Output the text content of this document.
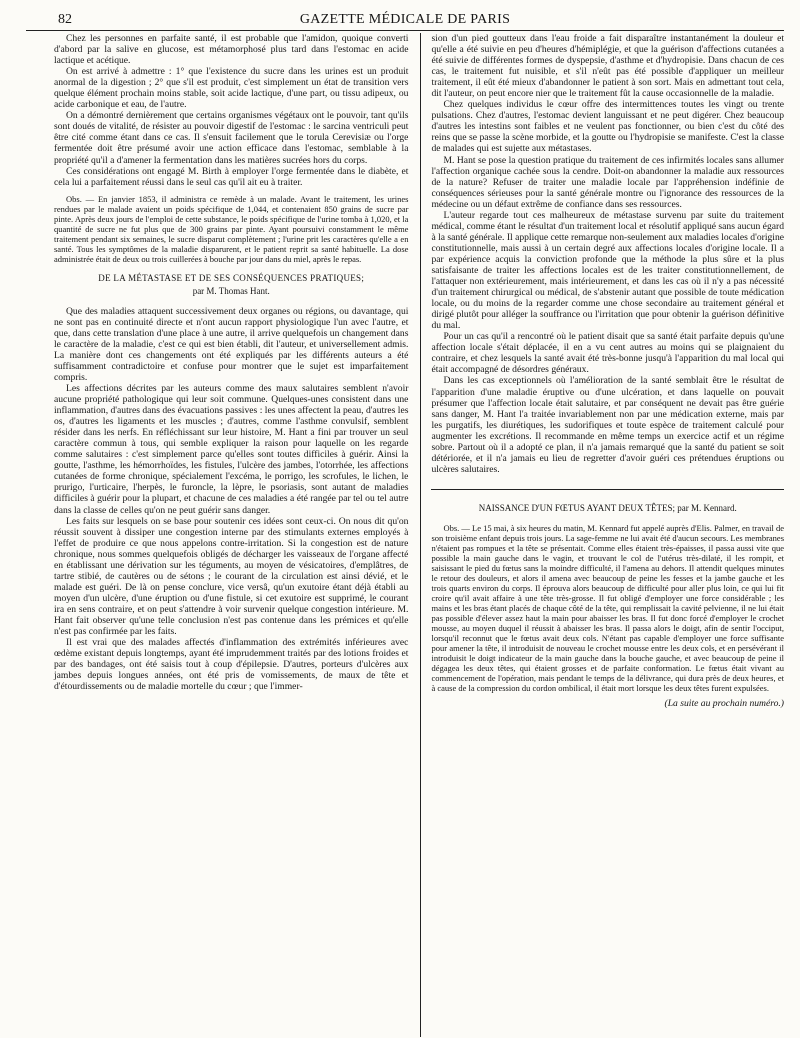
82	GAZETTE MÉDICALE DE PARIS

Chez les personnes en parfaite santé, il est probable que l'amidon, quoique converti d'abord par la salive en glucose, est métamorphosé plus tard dans l'estomac en acide lactique et acétique.

On est arrivé à admettre : 1° que l'existence du sucre dans les urines est un produit anormal de la digestion ; 2° que s'il est produit, c'est simplement un état de transition vers quelque élément prochain moins stable, soit acide lactique, d'une part, ou tissu adipeux, ou acide carbonique et eau, de l'autre.

On a démontré dernièrement que certains organismes végétaux ont le pouvoir, tant qu'ils sont doués de vitalité, de résister au pouvoir digestif de l'estomac : le sarcina ventriculi peut être cité comme étant dans ce cas. Il s'ensuit facilement que le torula Cerevisiæ ou l'orge fermentée doit être présumé avoir une action efficace dans l'estomac, semblable à la propriété qu'il a d'amener la fermentation dans les matières sucrées hors du corps.

Ces considérations ont engagé M. Birth à employer l'orge fermentée dans le diabète, et cela lui a parfaitement réussi dans le seul cas qu'il ait eu à traiter.

Obs. — En janvier 1853, il administra ce remède à un malade. Avant le traitement, les urines rendues par le malade avaient un poids spécifique de 1,044, et contenaient 850 grains de sucre par pinte. Après deux jours de l'emploi de cette substance, le poids spécifique de l'urine tomba à 1,020, et la quantité de sucre ne fut plus que de 300 grains par pinte. Ayant poursuivi constamment le même traitement pendant six semaines, le sucre disparut complètement ; l'urine prit les caractères qu'elle a en santé. Tous les symptômes de la maladie disparurent, et le patient reprit sa santé habituelle. La dose administrée était de deux ou trois cuillerées à bouche par jour dans du miel, après le repas.

DE LA MÉTASTASE ET DE SES CONSÉQUENCES PRATIQUES;
par M. Thomas Hant.

Que des maladies attaquent successivement deux organes ou régions, ou davantage, qui ne sont pas en continuité directe et n'ont aucun rapport physiologique l'un avec l'autre, et que, dans cette translation d'une place à une autre, il arrive quelquefois un changement dans le caractère de la maladie, c'est ce qui est bien établi, dit l'auteur, et universellement admis. La manière dont ces changements ont été expliqués par les différents auteurs a été suffisamment contradictoire et confuse pour montrer que le sujet est imparfaitement compris.

Les affections décrites par les auteurs comme des maux salutaires semblent n'avoir aucune propriété pathologique qui leur soit commune. Quelques-unes consistent dans une inflammation, d'autres dans des évacuations passives : les unes affectent la peau, d'autres les os, d'autres les ligaments et les muscles ; d'autres, comme l'asthme convulsif, semblent résider dans les nerfs. En réfléchissant sur leur histoire, M. Hant a fini par trouver un seul caractère commun à tous, qui semble expliquer la raison pour laquelle on les regarde comme salutaires : c'est simplement parce qu'elles sont toutes difficiles à guérir. Ainsi la goutte, l'asthme, les hémorrhoïdes, les fistules, l'ulcère des jambes, l'otorrhée, les affections cutanées de forme chronique, spécialement l'excéma, le porrigo, les scrofules, le lichen, le prurigo, l'urticaire, l'herpès, le furoncle, la lèpre, le psoriasis, sont autant de maladies difficiles à guérir pour la plupart, et chacune de ces maladies a été rangée par tel ou tel autre dans la classe de celles qu'on ne peut guérir sans danger.

Les faits sur lesquels on se base pour soutenir ces idées sont ceux-ci. On nous dit qu'on réussit souvent à dissiper une congestion interne par des stimulants externes employés à l'effet de produire ce que nous appelons contre-irritation. Si la congestion est de nature chronique, nous sommes quelquefois obligés de décharger les vaisseaux de l'organe affecté en établissant une dérivation sur les téguments, au moyen de vésicatoires, d'emplâtres, de tartre stibié, de cautères ou de sétons ; le courant de la circulation est ainsi dévié, et le malade est guéri. De là on pense conclure, vice versâ, qu'un exutoire étant déjà établi au moyen d'un ulcère, d'une éruption ou d'une fistule, si cet exutoire est supprimé, le courant ira en sens contraire, et on peut s'attendre à voir survenir quelque congestion intérieure. M. Hant fait observer qu'une telle conclusion n'est pas contenue dans les prémices et qu'elle n'est pas confirmée par les faits.

Il est vrai que des malades affectés d'inflammation des extrémités inférieures avec œdème existant depuis longtemps, ayant été imprudemment traités par des lotions froides et par des bandages, ont été saisis tout à coup d'épilepsie. D'autres, porteurs d'ulcères aux jambes depuis longues années, ont été pris de vomissements, de maux de tête et d'étourdissements ou de maladie mortelle du cœur ; que l'immer-

sion d'un pied goutteux dans l'eau froide a fait disparaître instantanément la douleur et qu'elle a été suivie en peu d'heures d'hémiplégie, et que la guérison d'affections cutanées a été suivie de différentes formes de dyspepsie, d'asthme et d'hydropisie. Dans chacun de ces cas, le traitement fut nuisible, et s'il n'eût pas été possible d'appliquer un meilleur traitement, il eût été mieux d'abandonner le patient à son sort. Mais en admettant tout cela, dit l'auteur, on peut encore nier que le traitement fût la cause occasionnelle de la maladie.

Chez quelques individus le cœur offre des intermittences toutes les vingt ou trente pulsations. Chez d'autres, l'estomac devient languissant et ne peut digérer. Chez beaucoup d'autres les intestins sont faibles et ne veulent pas fonctionner, ou bien c'est du côté des reins que se passe la scène morbide, et la goutte ou l'hydropisie se manifeste. C'est la classe de malades qui est sujette aux métastases.

M. Hant se pose la question pratique du traitement de ces infirmités locales sans allumer l'affection organique cachée sous la cendre. Doit-on abandonner la maladie aux ressources de la nature? Refuser de traiter une maladie locale par l'appréhension indéfinie de conséquences sérieuses pour la santé générale montre ou l'ignorance des ressources de la médecine ou un défaut extrême de confiance dans ses ressources.

L'auteur regarde tout ces malheureux de métastase survenu par suite du traitement médical, comme étant le résultat d'un traitement local et résolutif appliqué sans aucun égard à la santé générale. Il applique cette remarque non-seulement aux maladies locales d'origine constitutionnelle, mais aussi à un certain degré aux affections locales d'origine locale. Il a par expérience acquis la conviction profonde que la méthode la plus sûre et la plus satisfaisante de traiter les affections locales est de les traiter constitutionnellement, de l'attaquer non extérieurement, mais intérieurement, et dans les cas où il n'y a pas nécessité d'un traitement chirurgical ou médical, de s'abstenir autant que possible de toute médication locale, ou du moins de la regarder comme une chose secondaire au traitement général et dirigé plutôt pour alléger la souffrance ou l'irritation que pour obtenir la guérison définitive du mal.

Pour un cas qu'il a rencontré où le patient disait que sa santé était parfaite depuis qu'une affection locale s'était déplacée, il en a vu cent autres au moins qui se plaignaient du contraire, et chez lesquels la santé avait été très-bonne jusqu'à l'apparition du mal local qui était accompagné de désordres généraux.

Dans les cas exceptionnels où l'amélioration de la santé semblait être le résultat de l'apparition d'une maladie éruptive ou d'une ulcération, et dans laquelle on pouvait présumer que l'affection locale était salutaire, et par conséquent ne devait pas être guérie sans danger, M. Hant l'a traitée invariablement non par une médication externe, mais par les purgatifs, les diurétiques, les sudorifiques et toute espèce de traitement calculé pour augmenter les excrétions. Il recommande en même temps un exercice actif et un régime sobre. Partout où il a adopté ce plan, il n'a jamais remarqué que la santé du patient se soit détériorée, et il n'a jamais eu lieu de regretter d'avoir guéri ces prétendues éruptions ou ulcères salutaires.

NAISSANCE D'UN FŒTUS AYANT DEUX TÊTES; par M. Kennard.

Obs. — Le 15 mai, à six heures du matin, M. Kennard fut appelé auprès d'Elis. Palmer, en travail de son troisième enfant depuis trois jours. La sage-femme ne lui avait été d'aucun secours. Les membranes n'étaient pas rompues et la tête se présentait. Comme elles étaient très-épaisses, il passa aussi vite que possible la main gauche dans le vagin, et trouvant le col de l'utérus très-dilaté, il les rompit, et saisissant le pied du fœtus sans la moindre difficulté, il l'amena au dehors. Il attendit quelques minutes le retour des douleurs, et alors il amena avec beaucoup de peine les fesses et la jambe gauche et les trois quarts environ du corps. Il éprouva alors beaucoup de difficulté pour aller plus loin, ce qui lui fit croire qu'il avait affaire à une tête très-grosse. Il fut obligé d'employer une force considérable ; les mains et les bras étant placés de chaque côté de la tête, qui remplissait la cavité pelvienne, il ne lui était pas possible d'élever assez haut la main pour abaisser les bras. Il fut donc forcé d'employer le crochet mousse, au moyen duquel il réussit à abaisser les bras. Il passa alors le doigt, afin de sentir l'occiput, lorsqu'il reconnut que le fœtus avait deux cols. N'étant pas capable d'employer une force suffisante pour amener la tête, il introduisit de nouveau le crochet mousse entre les deux cols, et en persévérant il introduisit le doigt indicateur de la main gauche dans la bouche gauche, et avec beaucoup de peine il dégagea les deux têtes, qui étaient grosses et de parfaite conformation. Le fœtus était vivant au commencement de l'opération, mais pendant le temps de la délivrance, qui dura près de deux heures, et à cause de la compression du cordon ombilical, il était mort lorsque les deux têtes furent expulsées.

(La suite au prochain numéro.)
